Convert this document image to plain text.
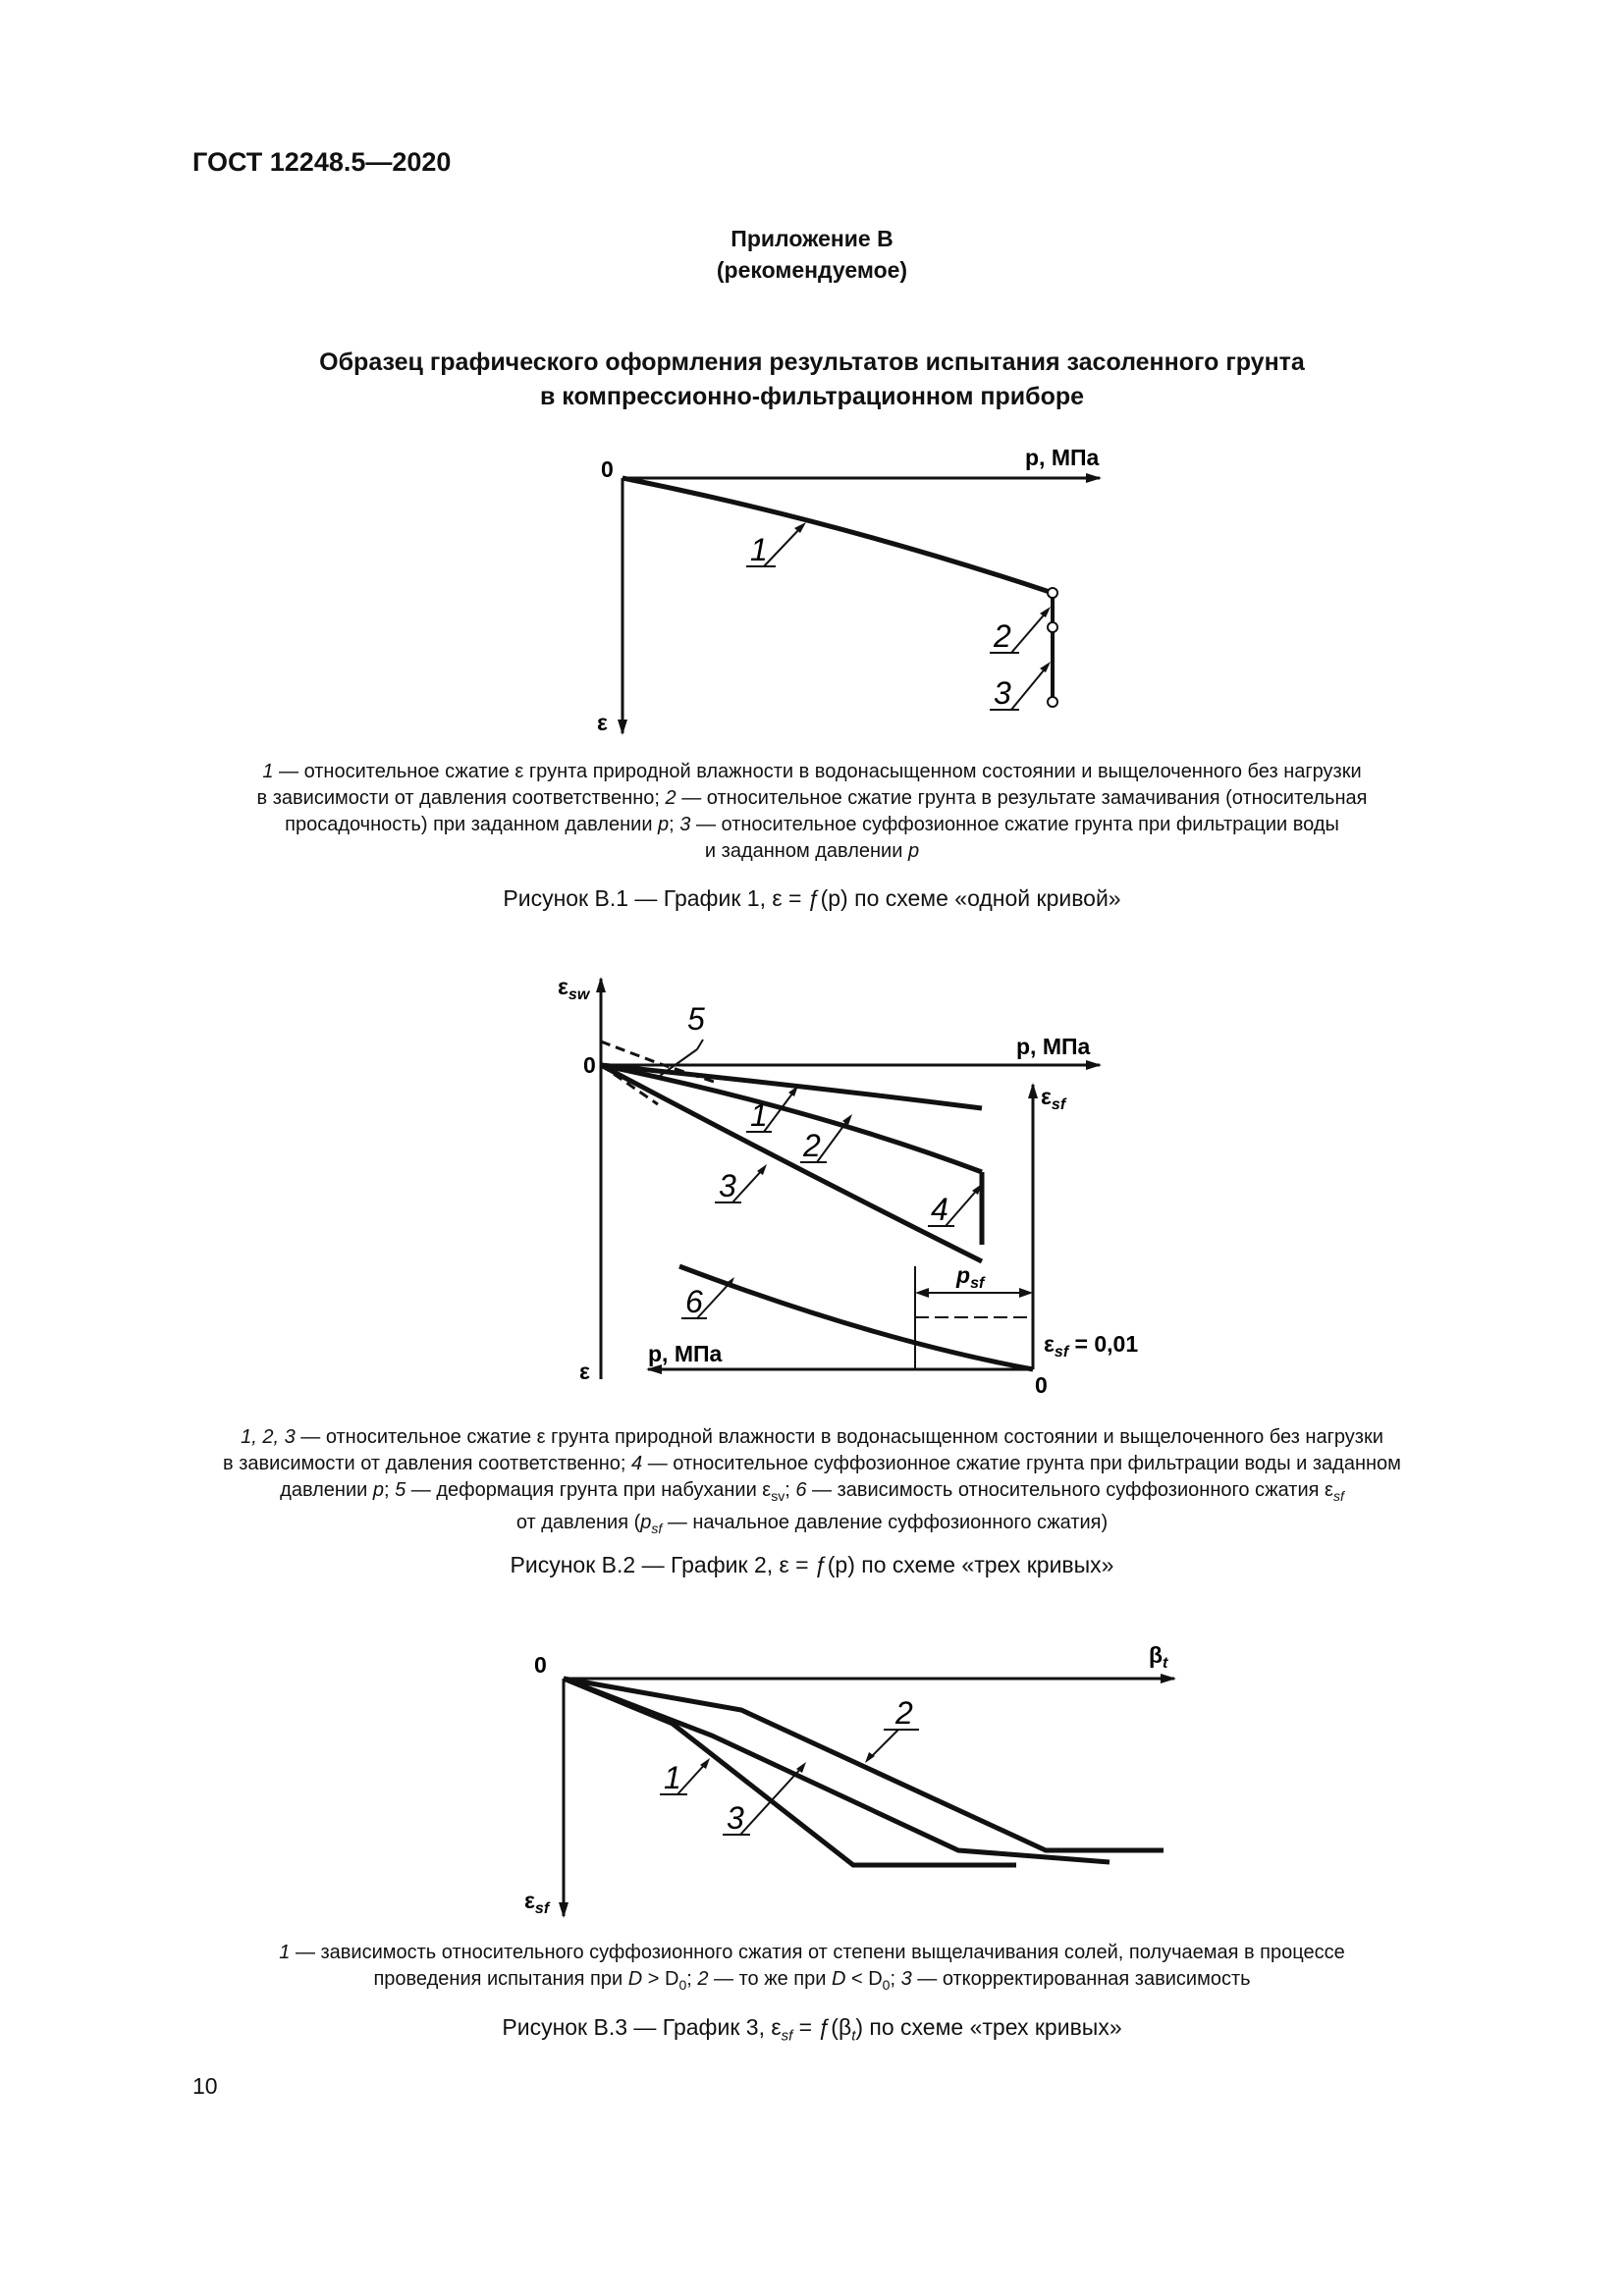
ГОСТ 12248.5—2020
Приложение В
(рекомендуемое)
Образец графического оформления результатов испытания засоленного грунта
в компрессионно-фильтрационном приборе
0	p, МПа
ε
1
2
3
1 — относительное сжатие ε грунта природной влажности в водонасыщенном состоянии и выщелоченного без нагрузки
в зависимости от давления соответственно; 2 — относительное сжатие грунта в результате замачивания (относительная
просадочность) при заданном давлении p; 3 — относительное суффозионное сжатие грунта при фильтрации воды
и заданном давлении p
Рисунок В.1 — График 1, ε = ƒ(р) по схеме «одной кривой»
$\varepsilon_{sw}$
0
p, МПа
ε
$\varepsilon_{sf}$
$p_{sf}$
$\varepsilon_{sf} = 0,01$
p, МПа
0
5
1
2
3
4
6
1, 2, 3 — относительное сжатие ε грунта природной влажности в водонасыщенном состоянии и выщелоченного без нагрузки
в зависимости от давления соответственно; 4 — относительное суффозионное сжатие грунта при фильтрации воды и заданном
давлении p; 5 — деформация грунта при набухании $\varepsilon_{sv}$; 6 — зависимость относительного суффозионного сжатия $\varepsilon_{sf}$
от давления ($p_{sf}$ — начальное давление суффозионного сжатия)
Рисунок В.2 — График 2, ε = ƒ(р) по схеме «трех кривых»
0	$\beta_t$
$\varepsilon_{sf}$
1
3
2
1 — зависимость относительного суффозионного сжатия от степени выщелачивания солей, получаемая в процессе
проведения испытания при $D > D_0$; 2 — то же при $D < D_0$; 3 — откорректированная зависимость
Рисунок В.3 — График 3, $\varepsilon_{sf}$ = $ƒ(\beta_t)$ по схеме «трех кривых»
10
